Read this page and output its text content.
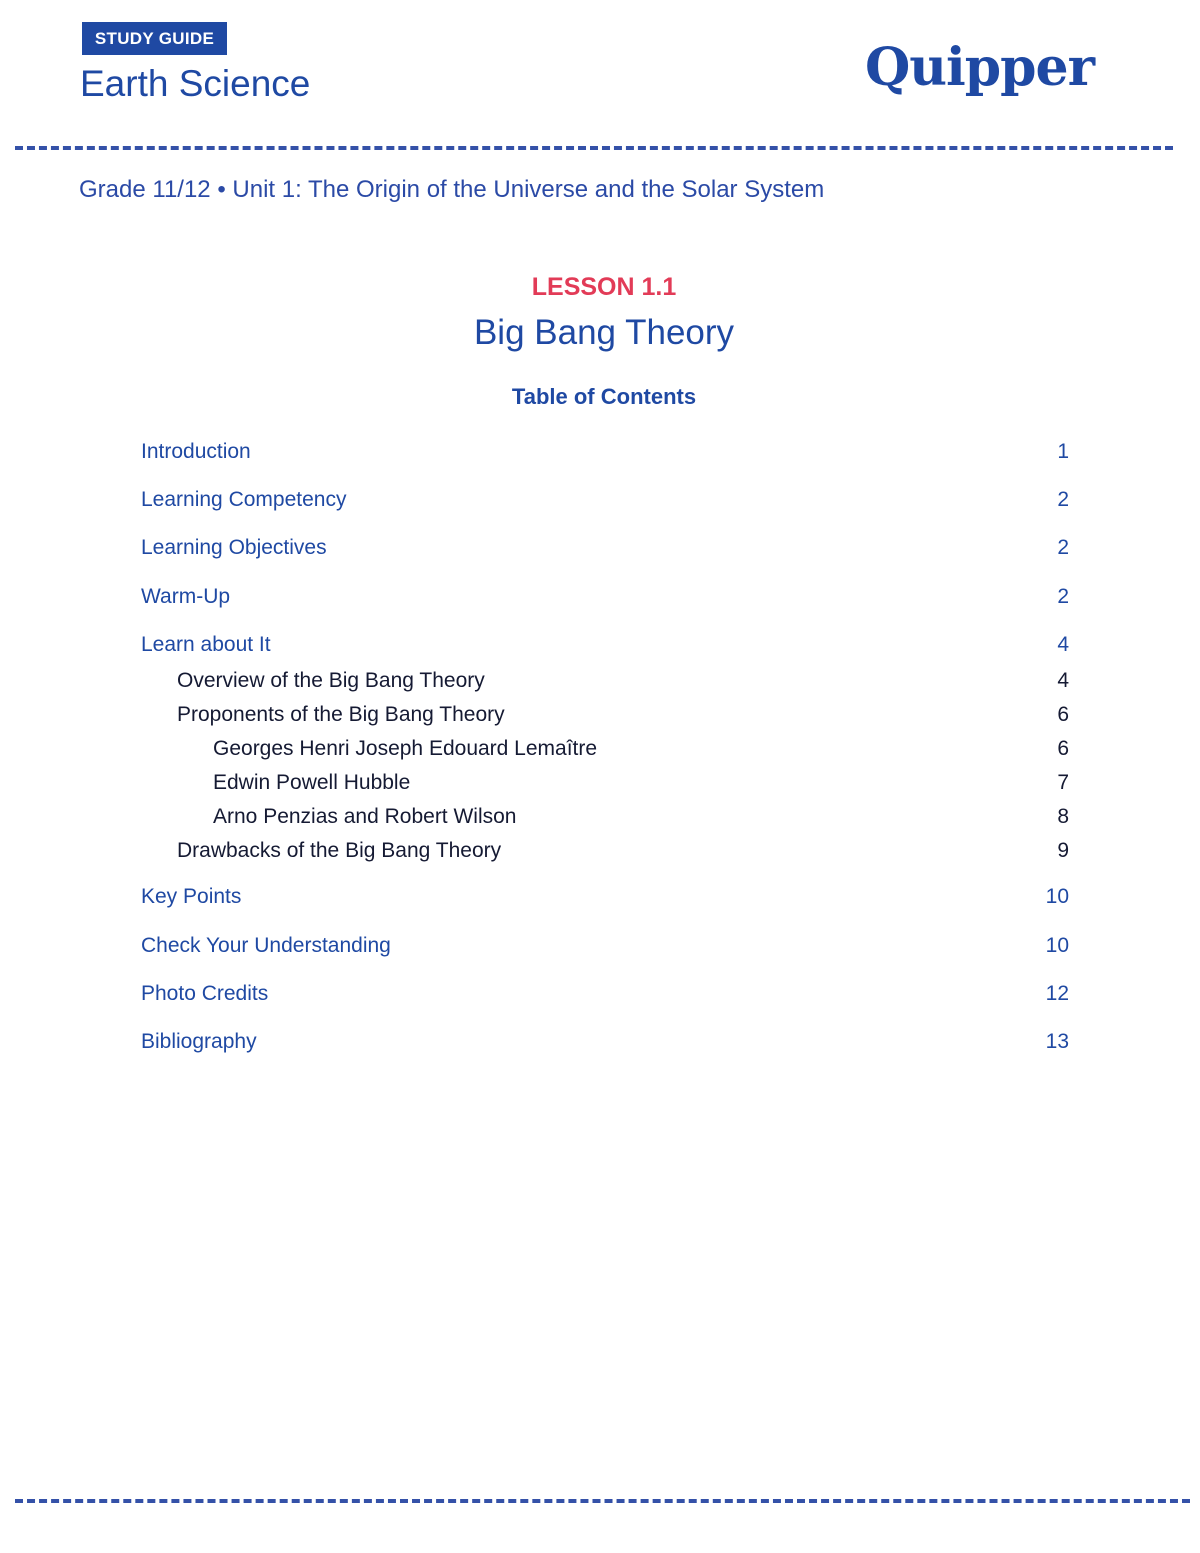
STUDY GUIDE
Earth Science	Quipper
Grade 11/12 • Unit 1: The Origin of the Universe and the Solar System
LESSON 1.1
Big Bang Theory
Table of Contents
Introduction	1
Learning Competency	2
Learning Objectives	2
Warm-Up	2
Learn about It	4
Overview of the Big Bang Theory	4
Proponents of the Big Bang Theory	6
Georges Henri Joseph Edouard Lemaître	6
Edwin Powell Hubble	7
Arno Penzias and Robert Wilson	8
Drawbacks of the Big Bang Theory	9
Key Points	10
Check Your Understanding	10
Photo Credits	12
Bibliography	13
